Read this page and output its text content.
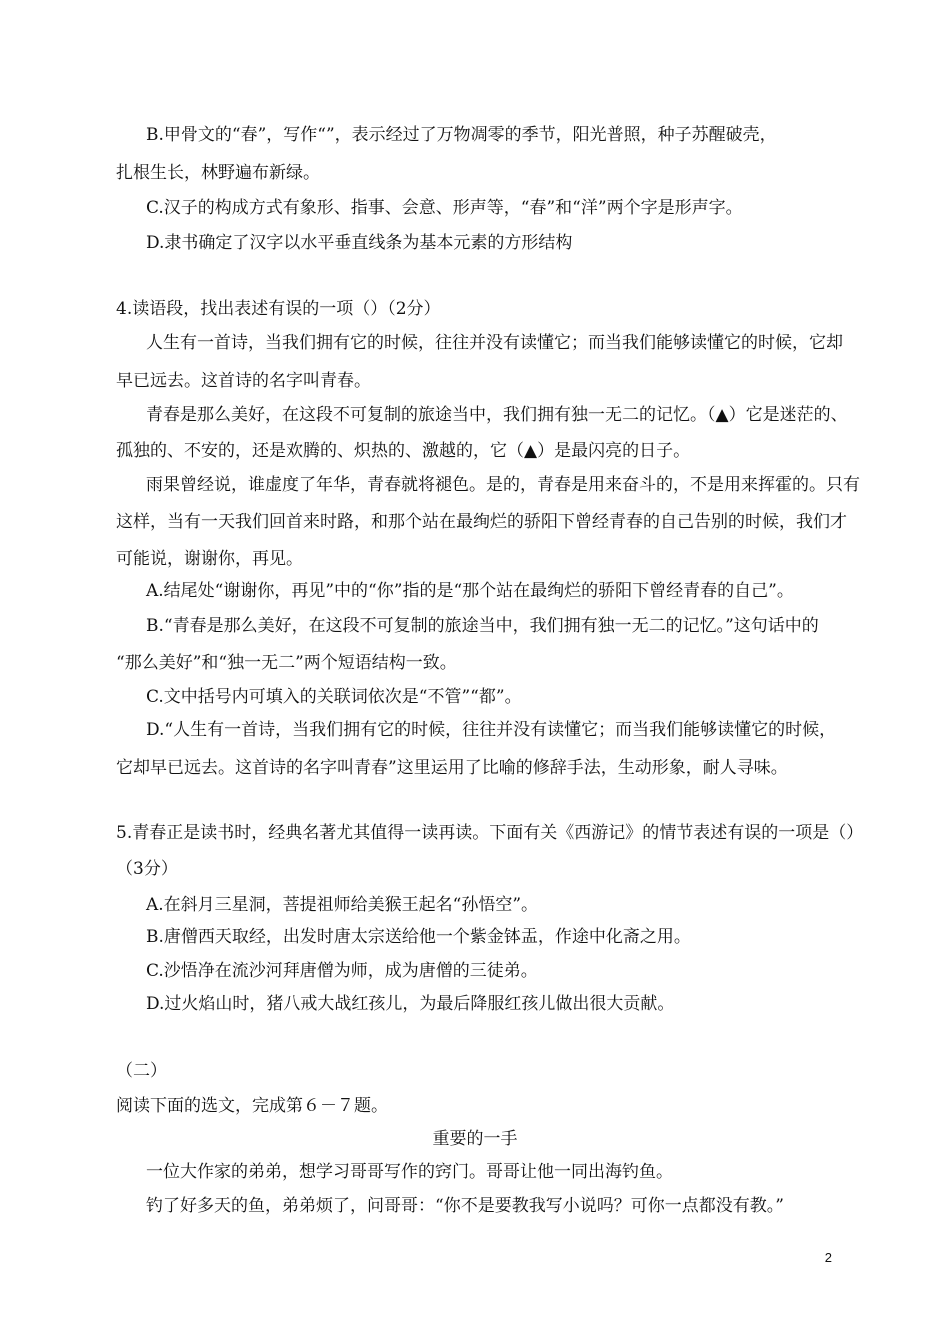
B.甲骨文的“春”，写作“”，表示经过了万物凋零的季节，阳光普照，种子苏醒破壳，
扎根生长，林野遍布新绿。
C.汉子的构成方式有象形、指事、会意、形声等，“春”和“洋”两个字是形声字。
D.隶书确定了汉字以水平垂直线条为基本元素的方形结构
4.读语段，找出表述有误的一项（）（2分）
人生有一首诗，当我们拥有它的时候，往往并没有读懂它；而当我们能够读懂它的时候，它却
早已远去。这首诗的名字叫青春。
青春是那么美好，在这段不可复制的旅途当中，我们拥有独一无二的记忆。（▲）它是迷茫的、
孤独的、不安的，还是欢腾的、炽热的、激越的，它（▲）是最闪亮的日子。
雨果曾经说，谁虚度了年华，青春就将褪色。是的，青春是用来奋斗的，不是用来挥霍的。只有
这样，当有一天我们回首来时路，和那个站在最绚烂的骄阳下曾经青春的自己告别的时候，我们才
可能说，谢谢你，再见。
A.结尾处“谢谢你，再见”中的“你”指的是“那个站在最绚烂的骄阳下曾经青春的自己”。
B.“青春是那么美好，在这段不可复制的旅途当中，我们拥有独一无二的记忆。”这句话中的
“那么美好”和“独一无二”两个短语结构一致。
C.文中括号内可填入的关联词依次是“不管”“都”。
D.“人生有一首诗，当我们拥有它的时候，往往并没有读懂它；而当我们能够读懂它的时候，
它却早已远去。这首诗的名字叫青春”这里运用了比喻的修辞手法，生动形象，耐人寻味。
5.青春正是读书时，经典名著尤其值得一读再读。下面有关《西游记》的情节表述有误的一项是（）
（3分）
A.在斜月三星洞，菩提祖师给美猴王起名“孙悟空”。
B.唐僧西天取经，出发时唐太宗送给他一个紫金钵盂，作途中化斋之用。
C.沙悟净在流沙河拜唐僧为师，成为唐僧的三徒弟。
D.过火焰山时，猪八戒大战红孩儿，为最后降服红孩儿做出很大贡献。
（二）
阅读下面的选文，完成第６－７题。
重要的一手
一位大作家的弟弟，想学习哥哥写作的窍门。哥哥让他一同出海钓鱼。
钓了好多天的鱼，弟弟烦了，问哥哥：“你不是要教我写小说吗？可你一点都没有教。”
2
